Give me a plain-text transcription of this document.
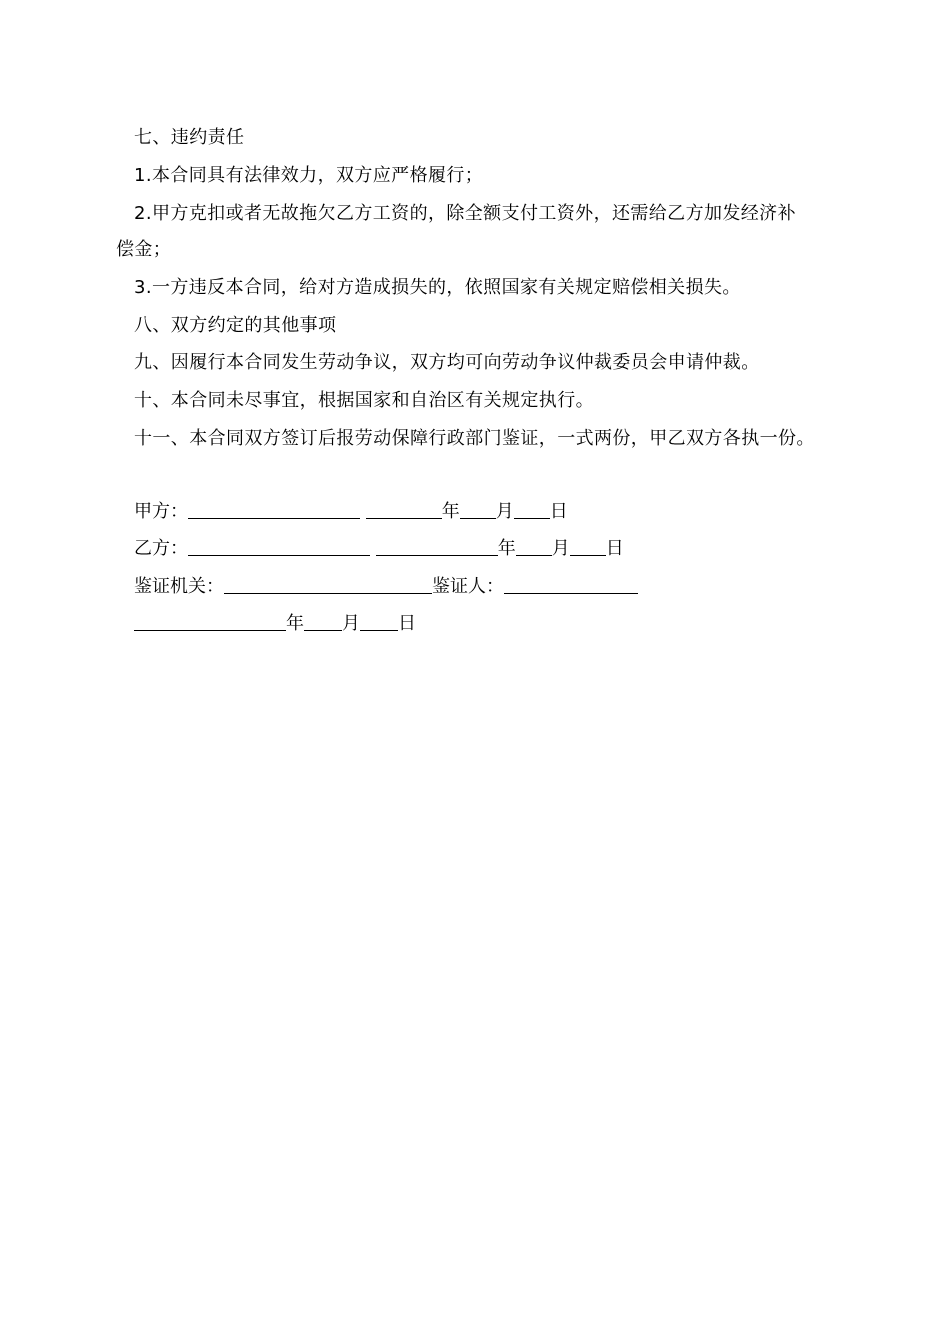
七、违约责任
1.本合同具有法律效力，双方应严格履行；
2.甲方克扣或者无故拖欠乙方工资的，除全额支付工资外，还需给乙方加发经济补
偿金；
3.一方违反本合同，给对方造成损失的，依照国家有关规定赔偿相关损失。
八、双方约定的其他事项
九、因履行本合同发生劳动争议，双方均可向劳动争议仲裁委员会申请仲裁。
十、本合同未尽事宜，根据国家和自治区有关规定执行。
十一、本合同双方签订后报劳动保障行政部门鉴证，一式两份，甲乙双方各执一份。
甲方：	年 月 日
乙方：	年 月 日
鉴证机关：	鉴证人：
年 月 日
